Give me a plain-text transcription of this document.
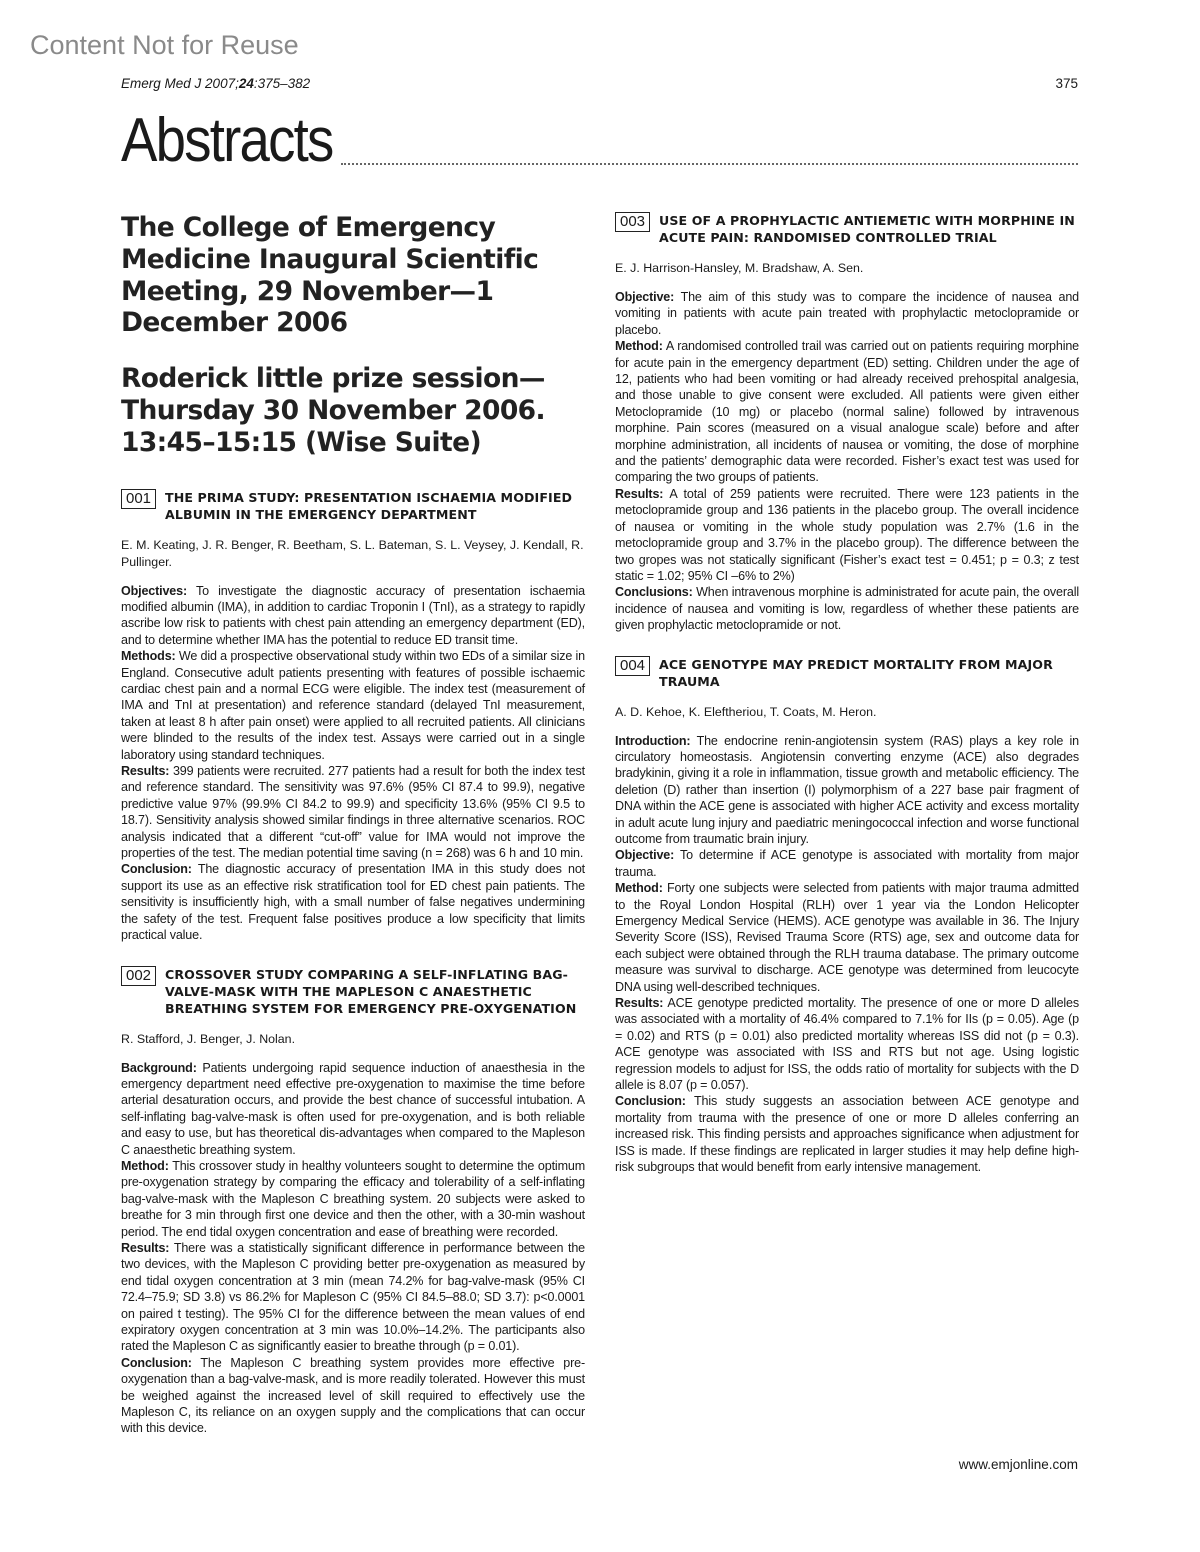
Content Not for Reuse
Emerg Med J 2007;24:375–382	375
Abstracts
The College of Emergency Medicine Inaugural Scientific Meeting, 29 November—1 December 2006
Roderick little prize session—Thursday 30 November 2006. 13:45–15:15 (Wise Suite)
001	THE PRIMA STUDY: PRESENTATION ISCHAEMIA MODIFIED ALBUMIN IN THE EMERGENCY DEPARTMENT
E. M. Keating, J. R. Benger, R. Beetham, S. L. Bateman, S. L. Veysey, J. Kendall, R. Pullinger.

Objectives: To investigate the diagnostic accuracy of presentation ischaemia modified albumin (IMA), in addition to cardiac Troponin I (TnI), as a strategy to rapidly ascribe low risk to patients with chest pain attending an emergency department (ED), and to determine whether IMA has the potential to reduce ED transit time.

Methods: We did a prospective observational study within two EDs of a similar size in England. Consecutive adult patients presenting with features of possible ischaemic cardiac chest pain and a normal ECG were eligible. The index test (measurement of IMA and TnI at presentation) and reference standard (delayed TnI measurement, taken at least 8 h after pain onset) were applied to all recruited patients. All clinicians were blinded to the results of the index test. Assays were carried out in a single laboratory using standard techniques.

Results: 399 patients were recruited. 277 patients had a result for both the index test and reference standard. The sensitivity was 97.6% (95% CI 87.4 to 99.9), negative predictive value 97% (99.9% CI 84.2 to 99.9) and specificity 13.6% (95% CI 9.5 to 18.7). Sensitivity analysis showed similar findings in three alternative scenarios. ROC analysis indicated that a different “cut-off” value for IMA would not improve the properties of the test. The median potential time saving (n = 268) was 6 h and 10 min.

Conclusion: The diagnostic accuracy of presentation IMA in this study does not support its use as an effective risk stratification tool for ED chest pain patients. The sensitivity is insufficiently high, with a small number of false negatives undermining the safety of the test. Frequent false positives produce a low specificity that limits practical value.

002	CROSSOVER STUDY COMPARING A SELF-INFLATING BAG-VALVE-MASK WITH THE MAPLESON C ANAESTHETIC BREATHING SYSTEM FOR EMERGENCY PRE-OXYGENATION
R. Stafford, J. Benger, J. Nolan.

Background: Patients undergoing rapid sequence induction of anaesthesia in the emergency department need effective pre-oxygenation to maximise the time before arterial desaturation occurs, and provide the best chance of successful intubation. A self-inflating bag-valve-mask is often used for pre-oxygenation, and is both reliable and easy to use, but has theoretical dis-advantages when compared to the Mapleson C anaesthetic breathing system.

Method: This crossover study in healthy volunteers sought to determine the optimum pre-oxygenation strategy by comparing the efficacy and tolerability of a self-inflating bag-valve-mask with the Mapleson C breathing system. 20 subjects were asked to breathe for 3 min through first one device and then the other, with a 30-min washout period. The end tidal oxygen concentration and ease of breathing were recorded.

Results: There was a statistically significant difference in performance between the two devices, with the Mapleson C providing better pre-oxygenation as measured by end tidal oxygen concentration at 3 min (mean 74.2% for bag-valve-mask (95% CI 72.4–75.9; SD 3.8) vs 86.2% for Mapleson C (95% CI 84.5–88.0; SD 3.7): p<0.0001 on paired t testing). The 95% CI for the difference between the mean values of end expiratory oxygen concentration at 3 min was 10.0%–14.2%. The participants also rated the Mapleson C as significantly easier to breathe through (p = 0.01).

Conclusion: The Mapleson C breathing system provides more effective pre-oxygenation than a bag-valve-mask, and is more readily tolerated. However this must be weighed against the increased level of skill required to effectively use the Mapleson C, its reliance on an oxygen supply and the complications that can occur with this device.

003	USE OF A PROPHYLACTIC ANTIEMETIC WITH MORPHINE IN ACUTE PAIN: RANDOMISED CONTROLLED TRIAL
E. J. Harrison-Hansley, M. Bradshaw, A. Sen.

Objective: The aim of this study was to compare the incidence of nausea and vomiting in patients with acute pain treated with prophylactic metoclopramide or placebo.

Method: A randomised controlled trail was carried out on patients requiring morphine for acute pain in the emergency department (ED) setting. Children under the age of 12, patients who had been vomiting or had already received prehospital analgesia, and those unable to give consent were excluded. All patients were given either Metoclopramide (10 mg) or placebo (normal saline) followed by intravenous morphine. Pain scores (measured on a visual analogue scale) before and after morphine administration, all incidents of nausea or vomiting, the dose of morphine and the patients’ demographic data were recorded. Fisher’s exact test was used for comparing the two groups of patients.

Results: A total of 259 patients were recruited. There were 123 patients in the metoclopramide group and 136 patients in the placebo group. The overall incidence of nausea or vomiting in the whole study population was 2.7% (1.6 in the metoclopramide group and 3.7% in the placebo group). The difference between the two gropes was not statically significant (Fisher’s exact test = 0.451; p = 0.3; z test static = 1.02; 95% CI –6% to 2%)

Conclusions: When intravenous morphine is administrated for acute pain, the overall incidence of nausea and vomiting is low, regardless of whether these patients are given prophylactic metoclopramide or not.

004	ACE GENOTYPE MAY PREDICT MORTALITY FROM MAJOR TRAUMA
A. D. Kehoe, K. Eleftheriou, T. Coats, M. Heron.

Introduction: The endocrine renin-angiotensin system (RAS) plays a key role in circulatory homeostasis. Angiotensin converting enzyme (ACE) also degrades bradykinin, giving it a role in inflammation, tissue growth and metabolic efficiency. The deletion (D) rather than insertion (I) polymorphism of a 227 base pair fragment of DNA within the ACE gene is associated with higher ACE activity and excess mortality in adult acute lung injury and paediatric meningococcal infection and worse functional outcome from traumatic brain injury.

Objective: To determine if ACE genotype is associated with mortality from major trauma.

Method: Forty one subjects were selected from patients with major trauma admitted to the Royal London Hospital (RLH) over 1 year via the London Helicopter Emergency Medical Service (HEMS). ACE genotype was available in 36. The Injury Severity Score (ISS), Revised Trauma Score (RTS) age, sex and outcome data for each subject were obtained through the RLH trauma database. The primary outcome measure was survival to discharge. ACE genotype was determined from leucocyte DNA using well-described techniques.

Results: ACE genotype predicted mortality. The presence of one or more D alleles was associated with a mortality of 46.4% compared to 7.1% for IIs (p = 0.05). Age (p = 0.02) and RTS (p = 0.01) also predicted mortality whereas ISS did not (p = 0.3). ACE genotype was associated with ISS and RTS but not age. Using logistic regression models to adjust for ISS, the odds ratio of mortality for subjects with the D allele is 8.07 (p = 0.057).

Conclusion: This study suggests an association between ACE genotype and mortality from trauma with the presence of one or more D alleles conferring an increased risk. This finding persists and approaches significance when adjustment for ISS is made. If these findings are replicated in larger studies it may help define high-risk subgroups that would benefit from early intensive management.

www.emjonline.com
